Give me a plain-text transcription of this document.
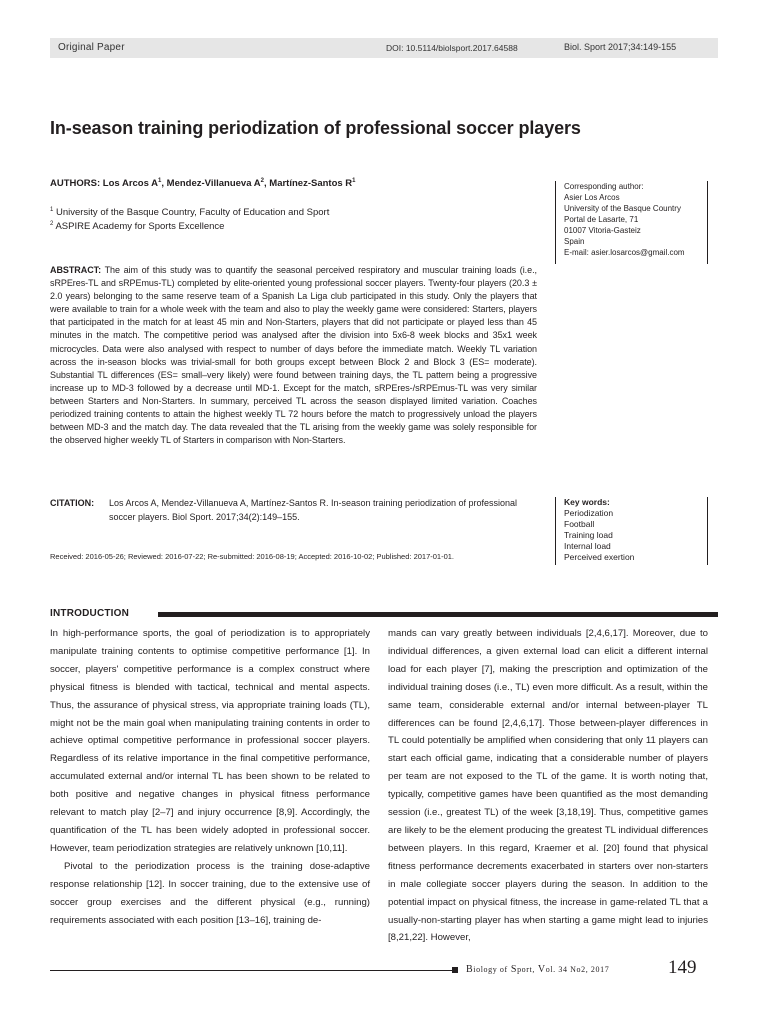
Original Paper	DOI: 10.5114/biolsport.2017.64588	Biol. Sport 2017;34:149-155
In-season training periodization of professional soccer players
AUTHORS: Los Arcos $A^1$, Mendez-Villanueva $A^2$, Martínez-Santos $R^1$
$^1$ University of the Basque Country, Faculty of Education and Sport
$^2$ ASPIRE Academy for Sports Excellence
Corresponding author:
Asier Los Arcos
University of the Basque Country
Portal de Lasarte, 71
01007 Vitoria-Gasteiz
Spain
E-mail: asier.losarcos@gmail.com
ABSTRACT: The aim of this study was to quantify the seasonal perceived respiratory and muscular training loads (i.e., sRPEres-TL and sRPEmus-TL) completed by elite-oriented young professional soccer players. Twenty-four players (20.3 ± 2.0 years) belonging to the same reserve team of a Spanish La Liga club participated in this study. Only the players that were available to train for a whole week with the team and also to play the weekly game were considered: Starters, players that participated in the match for at least 45 min and Non-Starters, players that did not participate or played less than 45 minutes in the match. The competitive period was analysed after the division into 5x6-8 week blocks and 35x1 week microcycles. Data were also analysed with respect to number of days before the immediate match. Weekly TL variation across the in-season blocks was trivial-small for both groups except between Block 2 and Block 3 (ES= moderate). Substantial TL differences (ES= small–very likely) were found between training days, the TL pattern being a progressive increase up to MD-3 followed by a decrease until MD-1. Except for the match, sRPEres-/sRPEmus-TL was very similar between Starters and Non-Starters. In summary, perceived TL across the season displayed limited variation. Coaches periodized training contents to attain the highest weekly TL 72 hours before the match to progressively unload the players between MD-3 and the match day. The data revealed that the TL arising from the weekly game was solely responsible for the observed higher weekly TL of Starters in comparison with Non-Starters.
CITATION: Los Arcos A, Mendez-Villanueva A, Martínez-Santos R. In-season training periodization of professional soccer players. Biol Sport. 2017;34(2):149–155.
Key words:
Periodization
Football
Training load
Internal load
Perceived exertion
Received: 2016-05-26; Reviewed: 2016-07-22; Re-submitted: 2016-08-19; Accepted: 2016-10-02; Published: 2017-01-01.
INTRODUCTION

In high-performance sports, the goal of periodization is to appropriately manipulate training contents to optimise competitive performance [1]. In soccer, players' competitive performance is a complex construct where physical fitness is blended with tactical, technical and mental aspects. Thus, the assurance of physical stress, via appropriate training loads (TL), might not be the main goal when manipulating training contents in order to achieve optimal competitive performance in professional soccer players. Regardless of its relative importance in the final competitive performance, accumulated external and/or internal TL has been shown to be related to both positive and negative changes in physical fitness performance relevant to match play [2–7] and injury occurrence [8,9]. Accordingly, the quantification of the TL has been widely adopted in professional soccer. However, team periodization strategies are relatively unknown [10,11].

Pivotal to the periodization process is the training dose-adaptive response relationship [12]. In soccer training, due to the extensive use of soccer group exercises and the different physical (e.g., running) requirements associated with each position [13–16], training de-

mands can vary greatly between individuals [2,4,6,17]. Moreover, due to individual differences, a given external load can elicit a different internal load for each player [7], making the prescription and optimization of the individual training doses (i.e., TL) even more difficult. As a result, within the same team, considerable external and/or internal between-player TL differences can be found [2,4,6,17]. Those between-player differences in TL could potentially be amplified when considering that only 11 players can start each official game, indicating that a considerable number of players per team are not exposed to the TL of the game. It is worth noting that, typically, competitive games have been quantified as the most demanding session (i.e., greatest TL) of the week [3,18,19]. Thus, competitive games are likely to be the element producing the greatest TL individual differences between players. In this regard, Kraemer et al. [20] found that physical fitness performance decrements exacerbated in starters over non-starters in male collegiate soccer players during the season. In addition to the potential impact on physical fitness, the increase in game-related TL that a usually-non-starting player has when starting a game might lead to injuries [8,21,22]. However,

Biology of Sport, Vol. 34 No2, 2017	149
